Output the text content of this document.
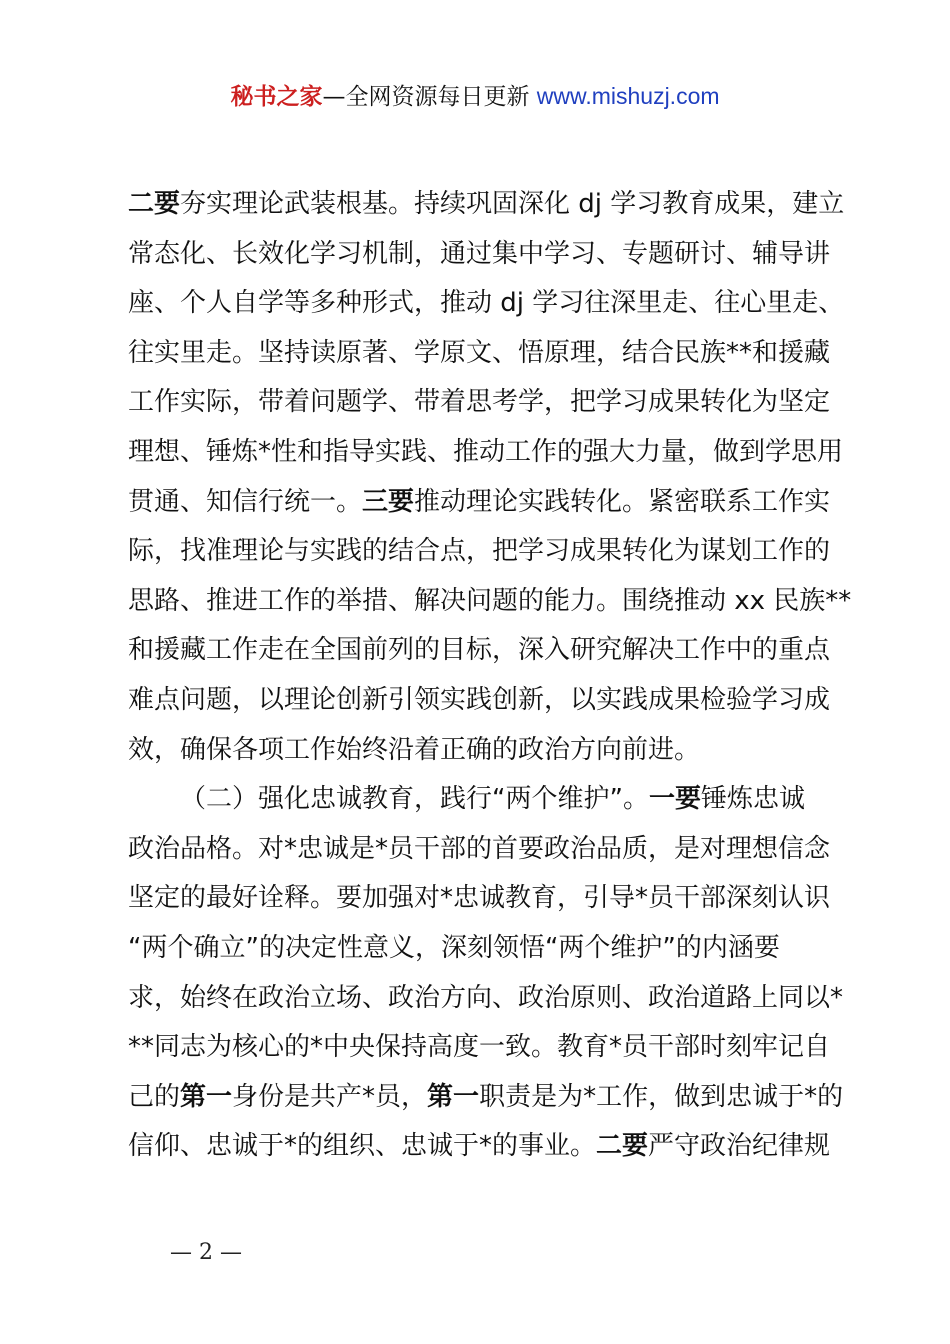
秘书之家—全网资源每日更新 www.mishuzj.com
二要夯实理论武装根基。持续巩固深化 dj 学习教育成果，建立
常态化、长效化学习机制，通过集中学习、专题研讨、辅导讲
座、个人自学等多种形式，推动 dj 学习往深里走、往心里走、
往实里走。坚持读原著、学原文、悟原理，结合民族**和援藏
工作实际，带着问题学、带着思考学，把学习成果转化为坚定
理想、锤炼*性和指导实践、推动工作的强大力量，做到学思用
贯通、知信行统一。三要推动理论实践转化。紧密联系工作实
际，找准理论与实践的结合点，把学习成果转化为谋划工作的
思路、推进工作的举措、解决问题的能力。围绕推动 xx 民族**
和援藏工作走在全国前列的目标，深入研究解决工作中的重点
难点问题，以理论创新引领实践创新，以实践成果检验学习成
效，确保各项工作始终沿着正确的政治方向前进。
（二）强化忠诚教育，践行“两个维护”。一要锤炼忠诚
政治品格。对*忠诚是*员干部的首要政治品质，是对理想信念
坚定的最好诠释。要加强对*忠诚教育，引导*员干部深刻认识
“两个确立”的决定性意义，深刻领悟“两个维护”的内涵要
求，始终在政治立场、政治方向、政治原则、政治道路上同以*
**同志为核心的*中央保持高度一致。教育*员干部时刻牢记自
己的第一身份是共产*员，第一职责是为*工作，做到忠诚于*的
信仰、忠诚于*的组织、忠诚于*的事业。二要严守政治纪律规
— 2 —
